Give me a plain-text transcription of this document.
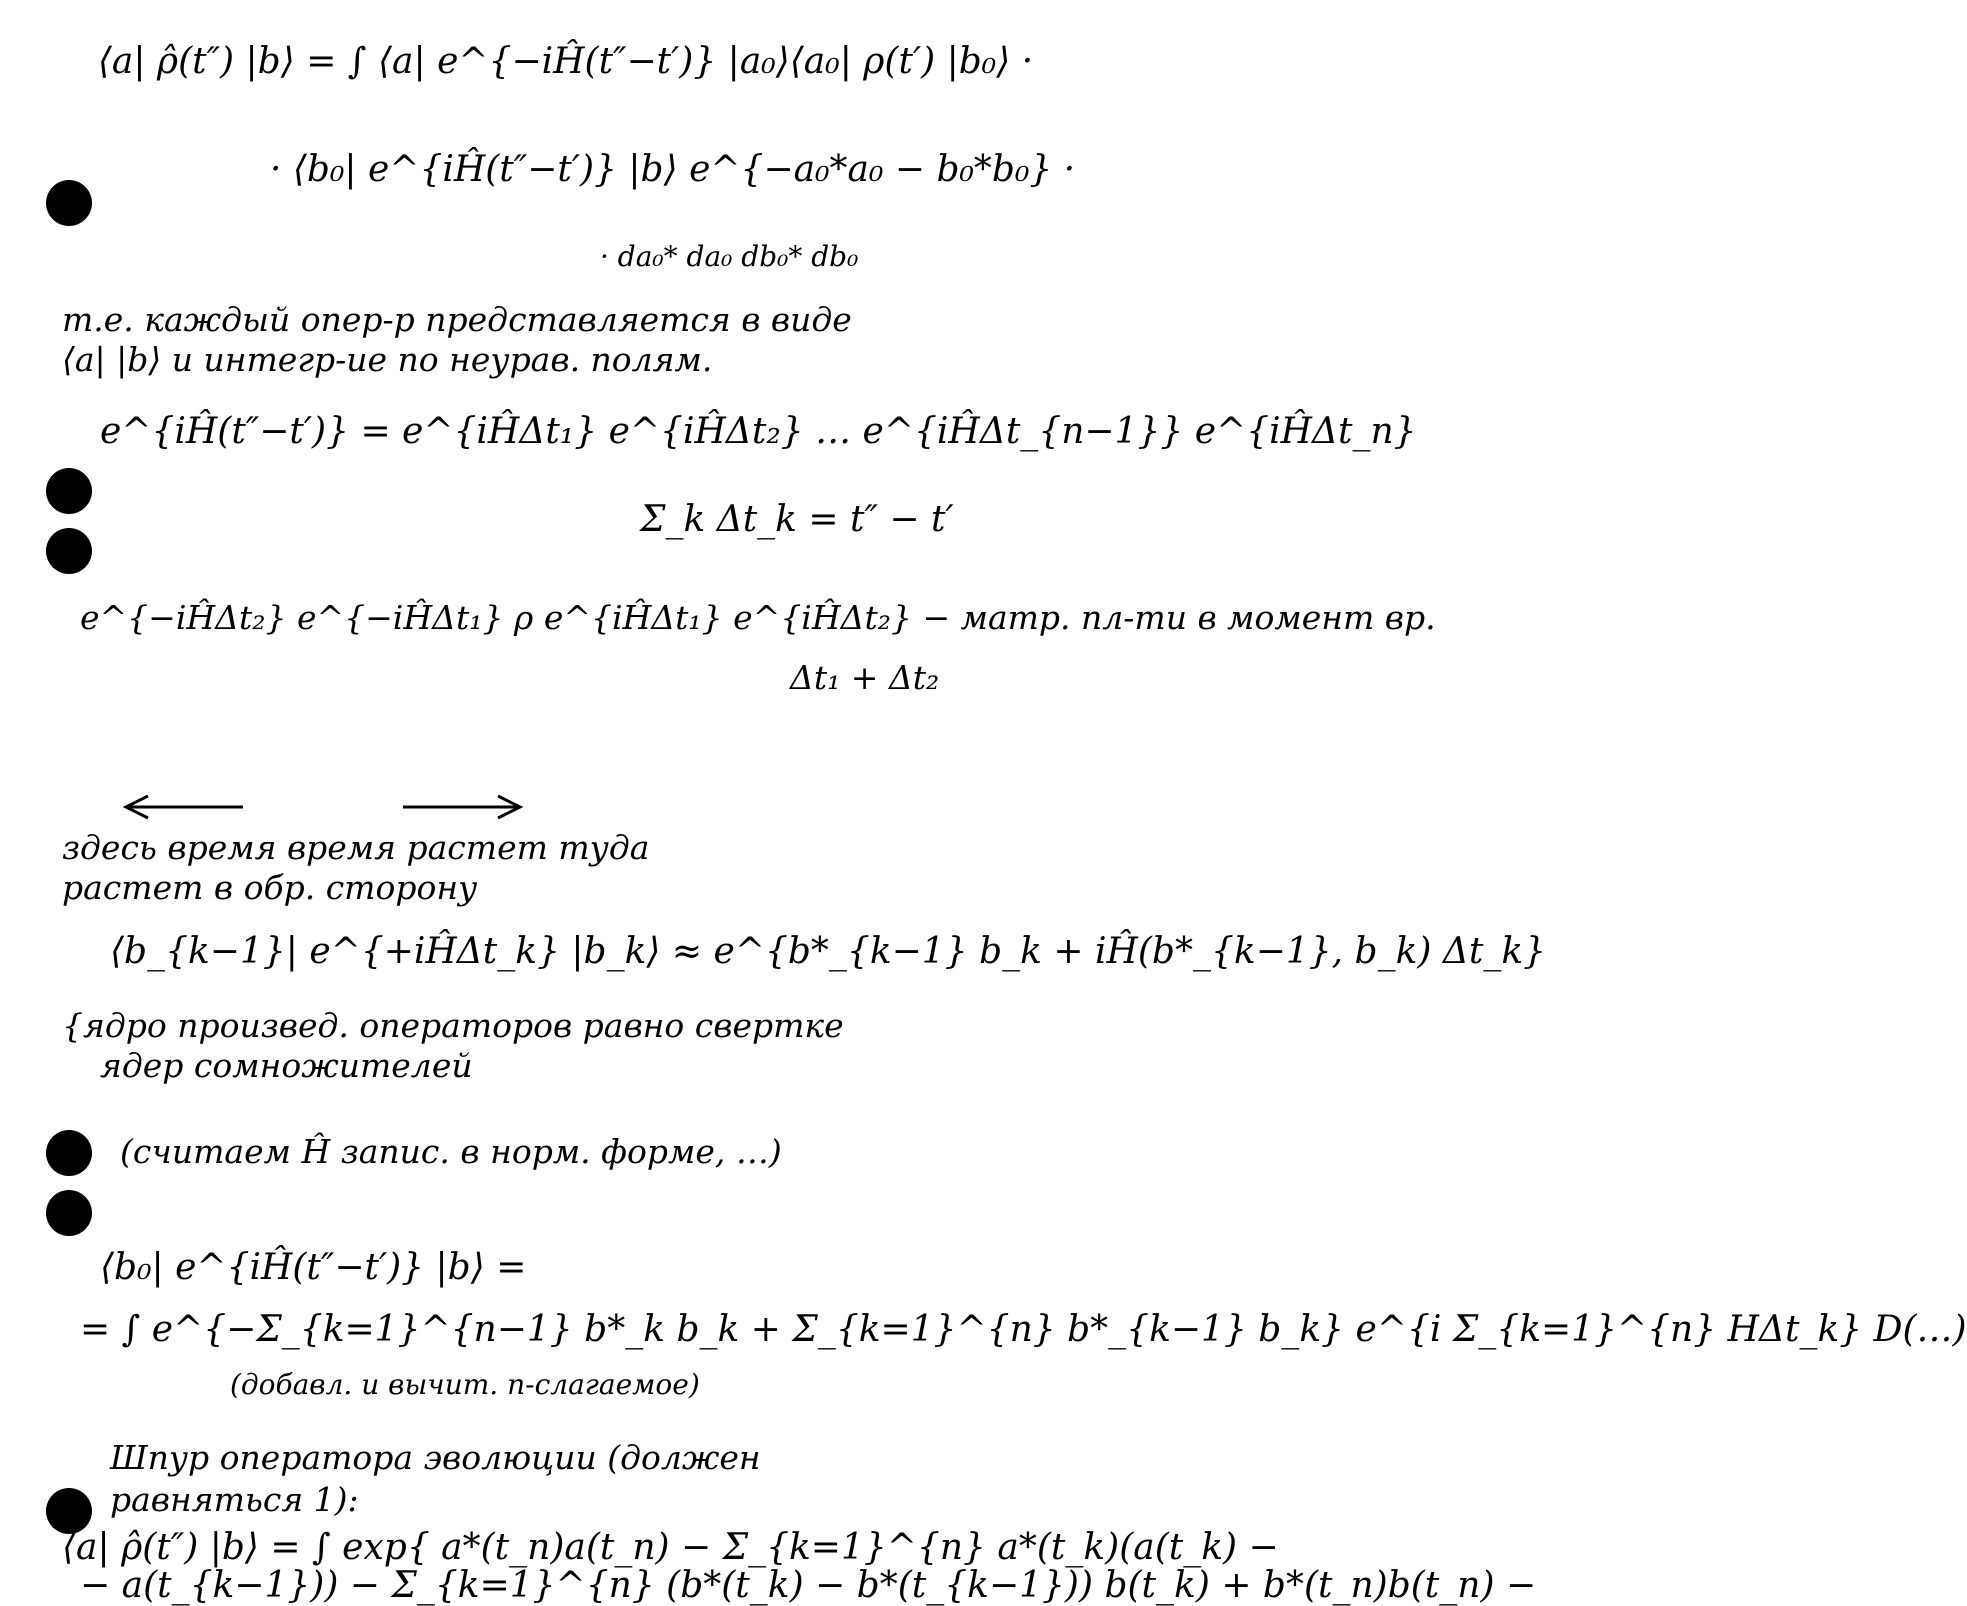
⟨a| ρ̂(t″) |b⟩ = ∫ ⟨a| e^{−iĤ(t″−t′)} |a₀⟩⟨a₀| ρ(t′) |b₀⟩ ·

· ⟨b₀| e^{iĤ(t″−t′)} |b⟩ e^{−a₀*a₀ − b₀*b₀} ·

· da₀* da₀ db₀* db₀

т.е. каждый опер-р представляется в виде

⟨a| |b⟩ и интегр-ие по неурав. полям.

e^{iĤ(t″−t′)} = e^{iĤΔt₁} e^{iĤΔt₂} … e^{iĤΔt_{n−1}} e^{iĤΔt_n}

Σ_k Δt_k = t″ − t′

e^{−iĤΔt₂} e^{−iĤΔt₁} ρ e^{iĤΔt₁} e^{iĤΔt₂} − матр. пл-ти в момент вр.

Δt₁ + Δt₂

здесь время время растет туда

растет в обр. сторону

⟨b_{k−1}| e^{+iĤΔt_k} |b_k⟩ ≈ e^{b*_{k−1} b_k + iĤ(b*_{k−1}, b_k) Δt_k}

{ядро произвед. операторов равно свертке

ядер сомножителей

(считаем Ĥ запис. в норм. форме, …)

⟨b₀| e^{iĤ(t″−t′)} |b⟩ =

= ∫ e^{−Σ_{k=1}^{n−1} b*_k b_k + Σ_{k=1}^{n} b*_{k−1} b_k} e^{i Σ_{k=1}^{n} HΔt_k} D(…)

(добавл. и вычит. n-слагаемое)

Шпур оператора эволюции (должен

равняться 1):

⟨a| ρ̂(t″) |b⟩ = ∫ exp{ a*(t_n)a(t_n) − Σ_{k=1}^{n} a*(t_k)(a(t_k) −

− a(t_{k−1})) − Σ_{k=1}^{n} (b*(t_k) − b*(t_{k−1})) b(t_k) + b*(t_n)b(t_n) −
